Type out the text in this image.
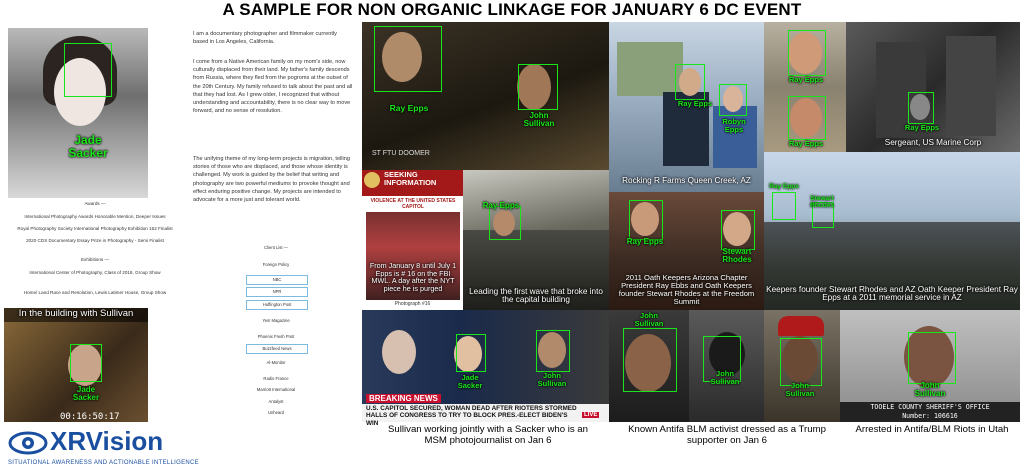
A SAMPLE FOR NON ORGANIC LINKAGE FOR JANUARY 6 DC EVENT
Jade
Sacker
I am a documentary photographer and filmmaker currently based in Los Angeles, California.
I come from a Native American family on my mom's side, now culturally displaced from their land. My father's family descends from Russia, where they fled from the pogroms at the outset of the 20th Century. My family refused to talk about the past and all that they had lost. As I grew older, I recognized that without understanding and accountability, there is no clear way to move forward, and no sense of resolution.
The unifying theme of my long-term projects is migration, telling stories of those who are displaced, and those whose identity is challenged. My work is guided by the belief that writing and photography are two powerful mediums to provoke thought and effect enduring positive change. My projects are intended to advocate for a more just and tolerant world.
Awards —
International Photography Awards Honorable Mention, Deeper Issues
Royal Photography Society International Photography Exhibition 162 Finalist
2020 CDS Documentary Essay Prize in Photography - Semi Finalist
Exhibitions —
International Center of Photography, Class of 2019, Group Show
Home/ Land Race and Resolution, Lewis Latimer House, Group Show
Client List —
Foreign Policy
NBC
NPR
Huffington Post
Yes! Magazine
Phoenix Fresh Post
Buzzfeed News
Al-Monitor
Radio France
Marriott International
Antalyst
Unheard
In the building with Sullivan
Jade
Sacker
00:16:50:17
Ray Epps
John
Sullivan
ST FTU DOOMER
Ray Epps
Robyn
Epps
Rocking R Farms Queen Creek, AZ
Ray Epps
Ray Epps
Ray Epps
Sergeant, US Marine Corp
SEEKING
INFORMATION
VIOLENCE AT THE UNITED STATES CAPITOL
From January 8 until July 1 Epps is # 16 on the FBI MWL. A day after the NYT piece he is purged
Photograph #16
Ray Epps
Leading the first wave that broke into the capital building
Ray Epps
Stewart
Rhodes
2011 Oath Keepers Arizona Chapter President Ray Ebbs and Oath Keepers founder Stewart Rhodes at the Freedom Summit
Ray Epps
Stewart
Rhodes
Keepers founder Stewart Rhodes and AZ Oath Keeper President Ray Epps at a 2011 memorial service in AZ
Jade
Sacker
John
Sullivan
BREAKING NEWS
U.S. CAPITOL SECURED, WOMAN DEAD AFTER RIOTERS STORMED HALLS OF CONGRESS TO TRY TO BLOCK PRES.-ELECT BIDEN'S WIN
LIVE
John
Sullivan
John
Sullivan	John
Sullivan
John
Sullivan
TOOELE COUNTY SHERIFF'S OFFICE
Number: 106616
Sullivan working jointly with a Sacker who is an MSM photojournalist on Jan 6
Known Antifa BLM activist dressed as a Trump supporter on Jan 6
Arrested in Antifa/BLM Riots in Utah
XRVision
SITUATIONAL AWARENESS AND ACTIONABLE INTELLIGENCE
